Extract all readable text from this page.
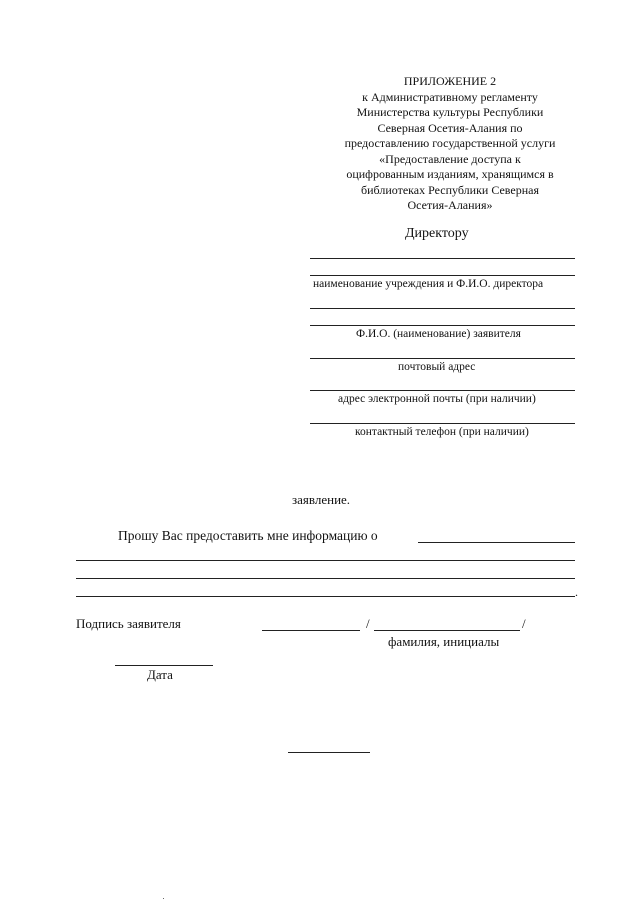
ПРИЛОЖЕНИЕ 2
к Административному регламенту
Министерства культуры Республики
Северная Осетия-Алания по
предоставлению государственной услуги
«Предоставление доступа к
оцифрованным изданиям, хранящимся в
библиотеках Республики Северная
Осетия-Алания»
Директору
наименование учреждения и Ф.И.О. директора
Ф.И.О. (наименование) заявителя
почтовый адрес
адрес электронной почты (при наличии)
контактный телефон (при наличии)
заявление.
Прошу Вас предоставить мне информацию о
.
Подпись заявителя	/	/
фамилия, инициалы
Дата
